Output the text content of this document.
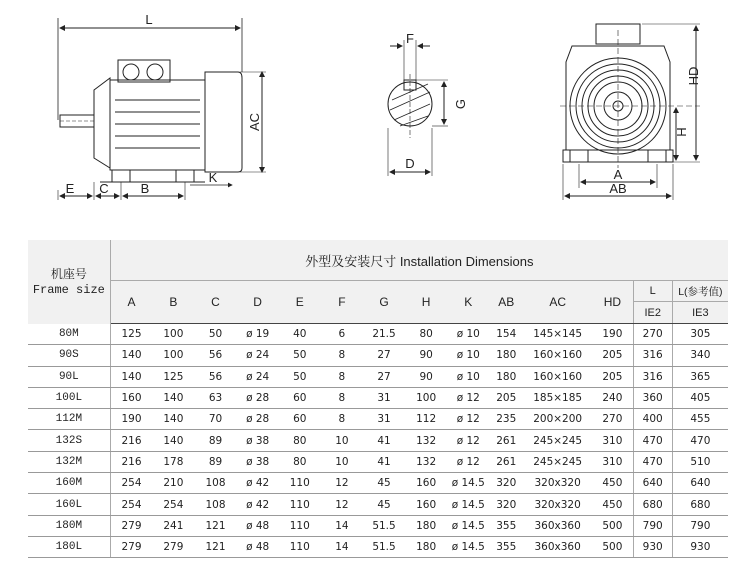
L
AC
E C B
K
F
G
D
HD
H
A
AB
机座号
Frame size	外型及安装尺寸 Installation Dimensions													
	A	B	C	D	E	F	G	H	K	AB	AC	HD	L	L(参考值)
													IE2	IE3
80M	125	100	50	ø 19	40	6	21.5	80	ø 10	154	145×145	190	270	305
90S	140	100	56	ø 24	50	8	27	90	ø 10	180	160×160	205	316	340
90L	140	125	56	ø 24	50	8	27	90	ø 10	180	160×160	205	316	365
100L	160	140	63	ø 28	60	8	31	100	ø 12	205	185×185	240	360	405
112M	190	140	70	ø 28	60	8	31	112	ø 12	235	200×200	270	400	455
132S	216	140	89	ø 38	80	10	41	132	ø 12	261	245×245	310	470	470
132M	216	178	89	ø 38	80	10	41	132	ø 12	261	245×245	310	470	510
160M	254	210	108	ø 42	110	12	45	160	ø 14.5	320	320x320	450	640	640
160L	254	254	108	ø 42	110	12	45	160	ø 14.5	320	320x320	450	680	680
180M	279	241	121	ø 48	110	14	51.5	180	ø 14.5	355	360x360	500	790	790
180L	279	279	121	ø 48	110	14	51.5	180	ø 14.5	355	360x360	500	930	930
